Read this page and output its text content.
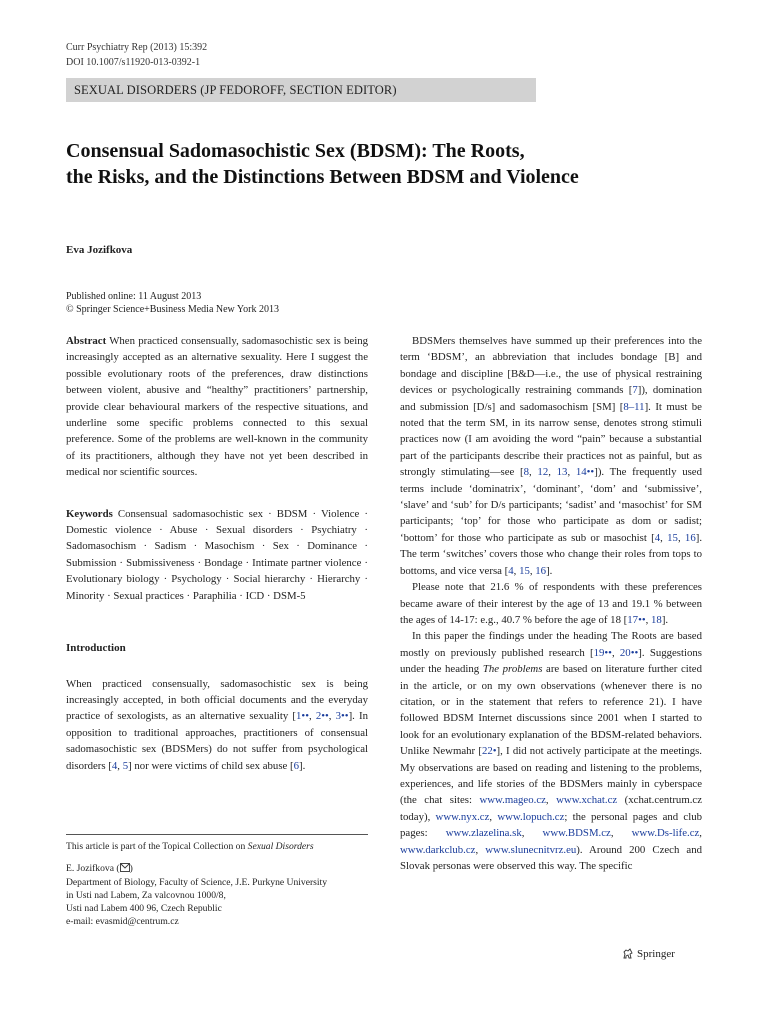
Curr Psychiatry Rep (2013) 15:392
DOI 10.1007/s11920-013-0392-1
SEXUAL DISORDERS (JP FEDOROFF, SECTION EDITOR)
Consensual Sadomasochistic Sex (BDSM): The Roots,
the Risks, and the Distinctions Between BDSM and Violence
Eva Jozifkova
Published online: 11 August 2013
© Springer Science+Business Media New York 2013

Abstract When practiced consensually, sadomasochistic sex is being increasingly accepted as an alternative sexuality. Here I suggest the possible evolutionary roots of the preferences, draw distinctions between violent, abusive and “healthy” practitioners’ partnership, provide clear behavioural markers of the respective situations, and underline some specific problems connected to this sexual preference. Some of the problems are well-known in the community of its practitioners, although they have not yet been described in medical nor scientific sources.

Keywords Consensual sadomasochistic sex · BDSM · Violence · Domestic violence · Abuse · Sexual disorders · Psychiatry · Sadomasochism · Sadism · Masochism · Sex · Dominance · Submission · Submissiveness · Bondage · Intimate partner violence · Evolutionary biology · Psychology · Social hierarchy · Hierarchy · Minority · Sexual practices · Paraphilia · ICD · DSM-5

Introduction

When practiced consensually, sadomasochistic sex is being increasingly accepted, in both official documents and the everyday practice of sexologists, as an alternative sexuality [1••, 2••, 3••]. In opposition to traditional approaches, practitioners of consensual sadomasochistic sex (BDSMers) do not suffer from psychological disorders [4, 5] nor were victims of child sex abuse [6].

This article is part of the Topical Collection on Sexual Disorders
E. Jozifkova ( )
Department of Biology, Faculty of Science, J.E. Purkyne University
in Usti nad Labem, Za valcovnou 1000/8,
Usti nad Labem 400 96, Czech Republic
e-mail: evasmid@centrum.cz

BDSMers themselves have summed up their preferences into the term ‘BDSM’, an abbreviation that includes bondage [B] and bondage and discipline [B&D—i.e., the use of physical restraining devices or psychologically restraining commands [7]), domination and submission [D/s] and sadomasochism [SM] [8–11]. It must be noted that the term SM, in its narrow sense, denotes strong stimuli practices now (I am avoiding the word “pain” because a substantial part of the participants describe their practices not as painful, but as strongly stimulating—see [8, 12, 13, 14••]). The frequently used terms include ‘dominatrix’, ‘dominant’, ‘dom’ and ‘submissive’, ‘slave’ and ‘sub’ for D/s participants; ‘sadist’ and ‘masochist’ for SM participants; ‘top’ for those who participate as dom or sadist; ‘bottom’ for those who participate as sub or masochist [4, 15, 16]. The term ‘switches’ covers those who change their roles from tops to bottoms, and vice versa [4, 15, 16].

Please note that 21.6 % of respondents with these preferences became aware of their interest by the age of 13 and 19.1 % between the ages of 14-17: e.g., 40.7 % before the age of 18 [17••, 18].

In this paper the findings under the heading The Roots are based mostly on previously published research [19••, 20••]. Suggestions under the heading The problems are based on literature further cited in the article, or on my own observations (whenever there is no citation, or in the statement that refers to reference 21). I have followed BDSM Internet discussions since 2001 when I started to look for an evolutionary explanation of the BDSM-related behaviors. Unlike Newmahr [22•], I did not actively participate at the meetings. My observations are based on reading and listening to the problems, experiences, and life stories of the BDSMers mainly in cyberspace (the chat sites: www.mageo.cz, www.xchat.cz (xchat.centrum.cz today), www.nyx.cz, www.lopuch.cz; the personal pages and club pages: www.zlazelina.sk, www.BDSM.cz, www.Ds-life.cz, www.darkclub.cz, www.slunecnitvrz.eu). Around 200 Czech and Slovak personas were observed this way. The specific

Springer
